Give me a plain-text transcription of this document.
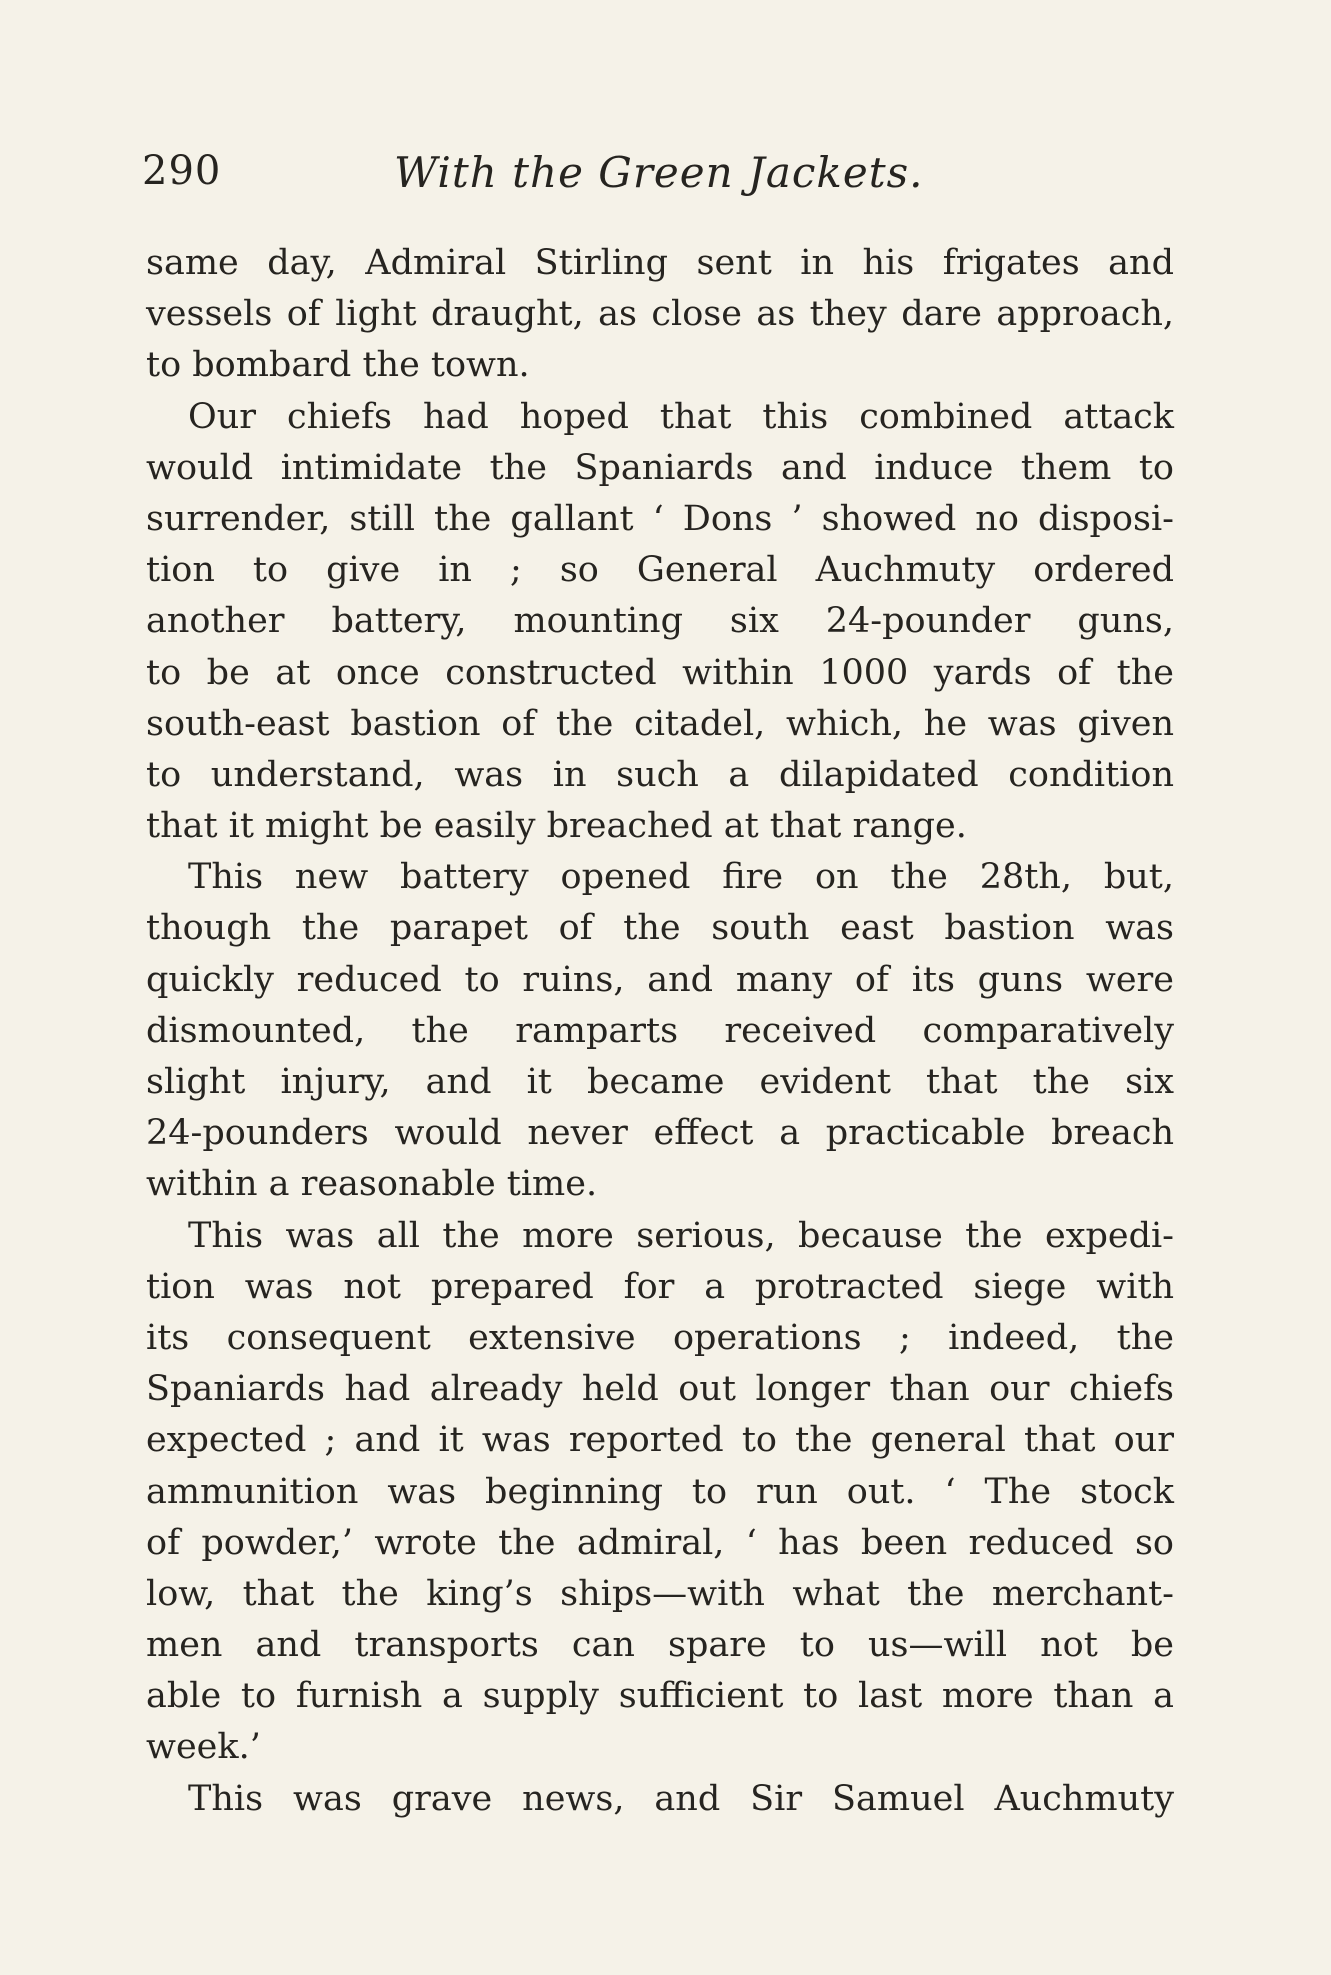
290	With the Green Jackets.
same day, Admiral Stirling sent in his frigates and
vessels of light draught, as close as they dare approach,
to bombard the town.
Our chiefs had hoped that this combined attack
would intimidate the Spaniards and induce them to
surrender, still the gallant ‘ Dons ’ showed no disposi-
tion to give in ; so General Auchmuty ordered
another battery, mounting six 24-pounder guns,
to be at once constructed within 1000 yards of the
south-east bastion of the citadel, which, he was given
to understand, was in such a dilapidated condition
that it might be easily breached at that range.
This new battery opened fire on the 28th, but,
though the parapet of the south east bastion was
quickly reduced to ruins, and many of its guns were
dismounted, the ramparts received comparatively
slight injury, and it became evident that the six
24-pounders would never effect a practicable breach
within a reasonable time.
This was all the more serious, because the expedi-
tion was not prepared for a protracted siege with
its consequent extensive operations ; indeed, the
Spaniards had already held out longer than our chiefs
expected ; and it was reported to the general that our
ammunition was beginning to run out. ‘ The stock
of powder,’ wrote the admiral, ‘ has been reduced so
low, that the king’s ships—with what the merchant-
men and transports can spare to us—will not be
able to furnish a supply sufficient to last more than a
week.’
This was grave news, and Sir Samuel Auchmuty
